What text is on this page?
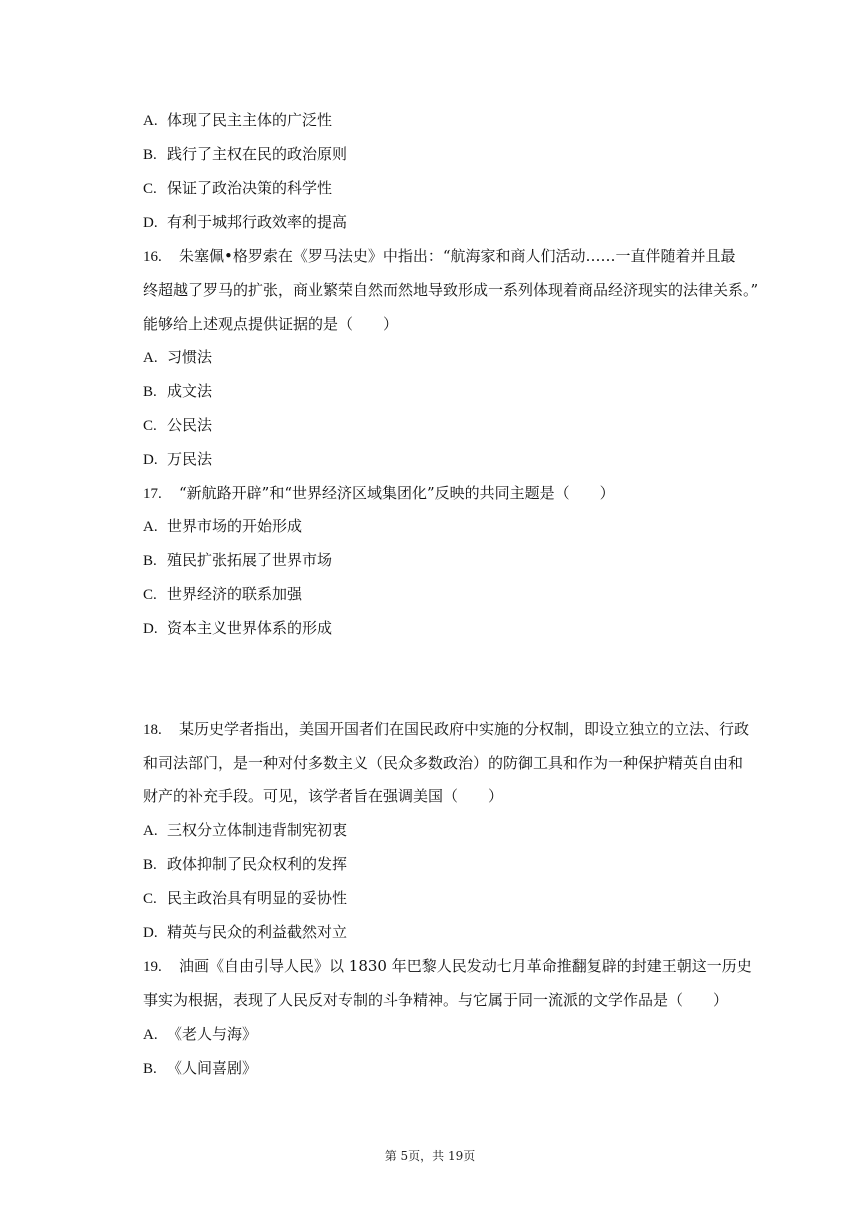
A. 体现了民主主体的广泛性
B. 践行了主权在民的政治原则
C. 保证了政治决策的科学性
D. 有利于城邦行政效率的提高
16. 朱塞佩•格罗索在《罗马法史》中指出：“航海家和商人们活动……一直伴随着并且最
终超越了罗马的扩张，商业繁荣自然而然地导致形成一系列体现着商品经济现实的法律关系。”
能够给上述观点提供证据的是（　　）
A. 习惯法
B. 成文法
C. 公民法
D. 万民法
17. “新航路开辟”和“世界经济区域集团化”反映的共同主题是（　　）
A. 世界市场的开始形成
B. 殖民扩张拓展了世界市场
C. 世界经济的联系加强
D. 资本主义世界体系的形成
18. 某历史学者指出，美国开国者们在国民政府中实施的分权制，即设立独立的立法、行政
和司法部门，是一种对付多数主义（民众多数政治）的防御工具和作为一种保护精英自由和
财产的补充手段。可见，该学者旨在强调美国（　　）
A. 三权分立体制违背制宪初衷
B. 政体抑制了民众权利的发挥
C. 民主政治具有明显的妥协性
D. 精英与民众的利益截然对立
19. 油画《自由引导人民》以 1830 年巴黎人民发动七月革命推翻复辟的封建王朝这一历史
事实为根据，表现了人民反对专制的斗争精神。与它属于同一流派的文学作品是（　　）
A. 《老人与海》
B. 《人间喜剧》
第 5页，共 19页
